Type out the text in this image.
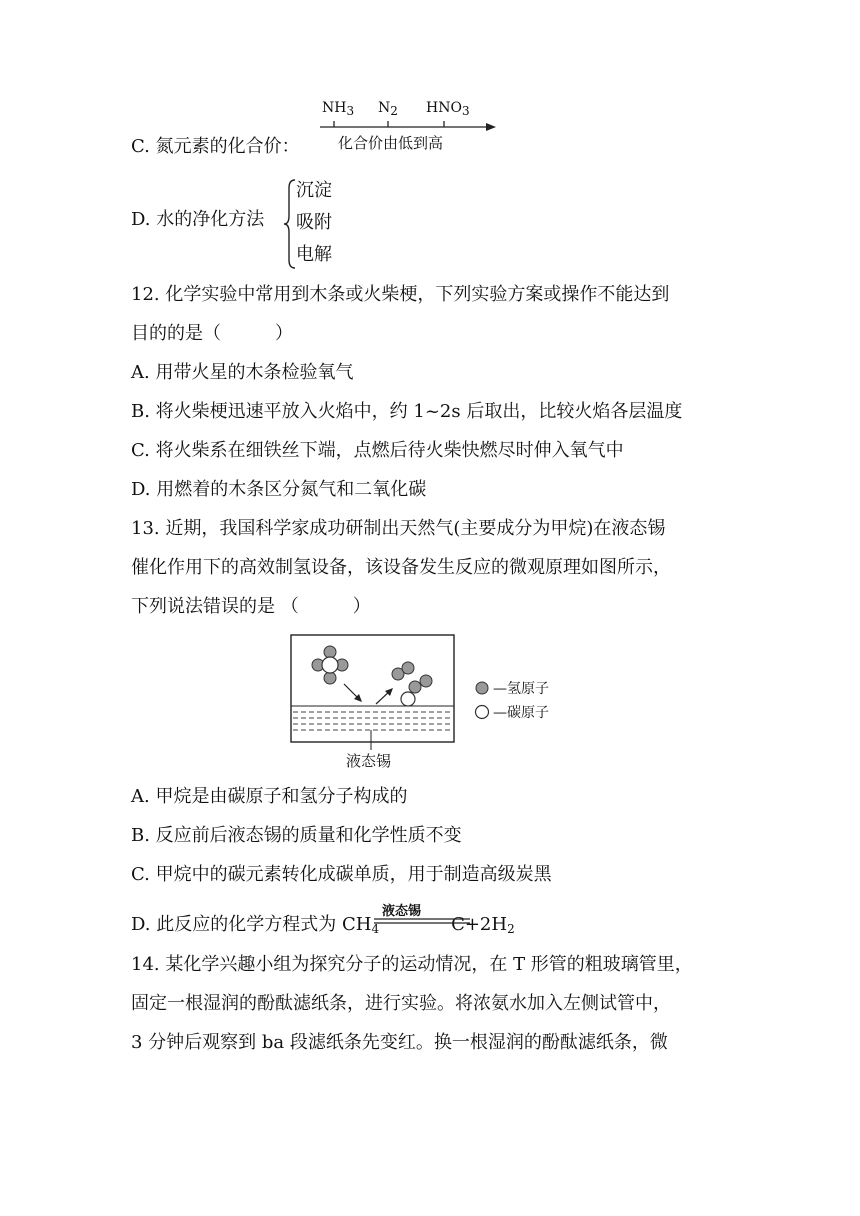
C. 氮元素的化合价：
$NH_3$ $N_2$ $HNO_3$
化合价由低到高
D. 水的净化方法
沉淀
吸附
电解
12. 化学实验中常用到木条或火柴梗，下列实验方案或操作不能达到
目的的是（　　　）
A. 用带火星的木条检验氧气
B. 将火柴梗迅速平放入火焰中，约 1~2s 后取出，比较火焰各层温度
C. 将火柴系在细铁丝下端，点燃后待火柴快燃尽时伸入氧气中
D. 用燃着的木条区分氮气和二氧化碳
13. 近期，我国科学家成功研制出天然气(主要成分为甲烷)在液态锡
催化作用下的高效制氢设备，该设备发生反应的微观原理如图所示，
下列说法错误的是 （　　　）
—氢原子
—碳原子
液态锡
A. 甲烷是由碳原子和氢分子构成的
B. 反应前后液态锡的质量和化学性质不变
C. 甲烷中的碳元素转化成碳单质，用于制造高级炭黑
D. 此反应的化学方程式为 $CH_4$	$C+2H_2$
液态锡
14. 某化学兴趣小组为探究分子的运动情况，在 T 形管的粗玻璃管里，
固定一根湿润的酚酞滤纸条，进行实验。将浓氨水加入左侧试管中，
3 分钟后观察到 ba 段滤纸条先变红。换一根湿润的酚酞滤纸条，微
